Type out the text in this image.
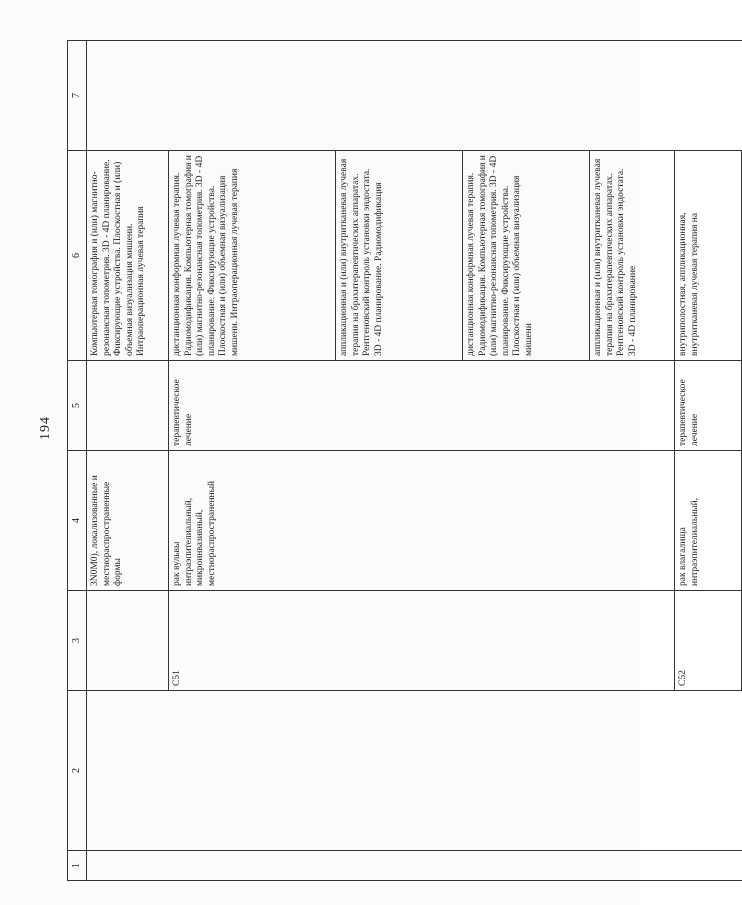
194
1	2	3	4	5	6	7
			3N0M0), локализованные и местнораспространенные формы		Компьютерная томография и (или) магнитно-резонансная топометрия. 3D - 4D планирование. Фиксирующие устройства. Плоскостная и (или) объемная визуализация мишени. Интраоперационная лучевая терапия	
		C51	рак вульвы интраэпителиальный, микроинвазивный, местнораспространенный	терапевтическое лечение	дистанционная конформная лучевая терапия. Радиомодификация. Компьютерная томография и (или) магнитно-резонансная топометрия. 3D - 4D планирование. Фиксирующие устройства. Плоскостная и (или) объемная визуализация мишени. Интраоперационная лучевая терапия	
					аппликационная и (или) внутритканевая лучевая терапия на брахитерапевтических аппаратах. Рентгеновский контроль установки эндостата. 3D - 4D планирование. Радиомодификация	
					дистанционная конформная лучевая терапия. Радиомодификация. Компьютерная томография и (или) магнитно-резонансная топометрия. 3D - 4D планирование. Фиксирующие устройства. Плоскостная и (или) объемная визуализация мишени	
					аппликационная и (или) внутритканевая лучевая терапия на брахитерапевтических аппаратах. Рентгеновский контроль установки эндостата. 3D - 4D планирование	
		C52	рак влагалища интраэпителиальный,	терапевтическое лечение	внутриполостная, аппликационная, внутритканевая лучевая терапия на	
